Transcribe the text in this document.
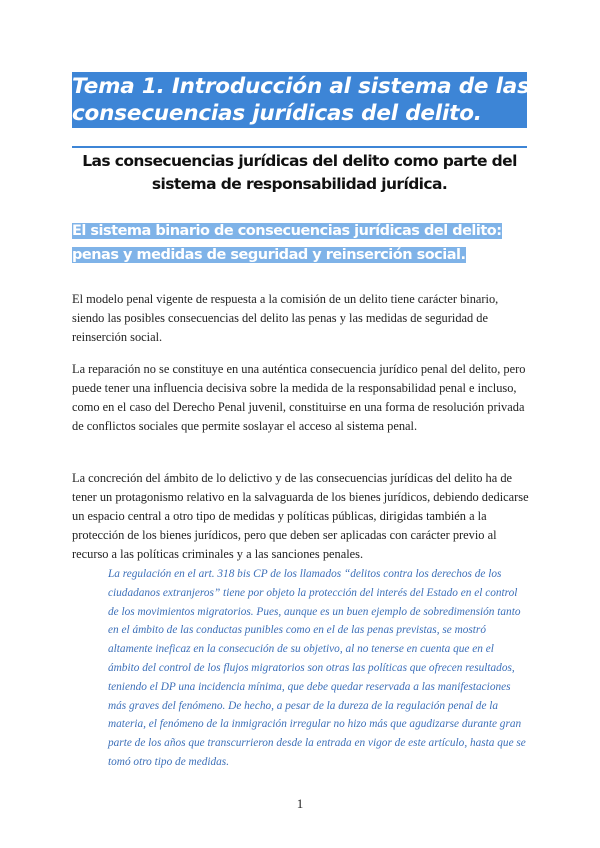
Tema 1. Introducción al sistema de las consecuencias jurídicas del delito.
Las consecuencias jurídicas del delito como parte del sistema de responsabilidad jurídica.
El sistema binario de consecuencias jurídicas del delito: penas y medidas de seguridad y reinserción social.

El modelo penal vigente de respuesta a la comisión de un delito tiene carácter binario, siendo las posibles consecuencias del delito las penas y las medidas de seguridad de reinserción social.

La reparación no se constituye en una auténtica consecuencia jurídico penal del delito, pero puede tener una influencia decisiva sobre la medida de la responsabilidad penal e incluso, como en el caso del Derecho Penal juvenil, constituirse en una forma de resolución privada de conflictos sociales que permite soslayar el acceso al sistema penal.

La concreción del ámbito de lo delictivo y de las consecuencias jurídicas del delito ha de tener un protagonismo relativo en la salvaguarda de los bienes jurídicos, debiendo dedicarse un espacio central a otro tipo de medidas y políticas públicas, dirigidas también a la protección de los bienes jurídicos, pero que deben ser aplicadas con carácter previo al recurso a las políticas criminales y a las sanciones penales.

La regulación en el art. 318 bis CP de los llamados “delitos contra los derechos de los ciudadanos extranjeros” tiene por objeto la protección del interés del Estado en el control de los movimientos migratorios. Pues, aunque es un buen ejemplo de sobredimensión tanto en el ámbito de las conductas punibles como en el de las penas previstas, se mostró altamente ineficaz en la consecución de su objetivo, al no tenerse en cuenta que en el ámbito del control de los flujos migratorios son otras las políticas que ofrecen resultados, teniendo el DP una incidencia mínima, que debe quedar reservada a las manifestaciones más graves del fenómeno. De hecho, a pesar de la dureza de la regulación penal de la materia, el fenómeno de la inmigración irregular no hizo más que agudizarse durante gran parte de los años que transcurrieron desde la entrada en vigor de este artículo, hasta que se tomó otro tipo de medidas.

1
